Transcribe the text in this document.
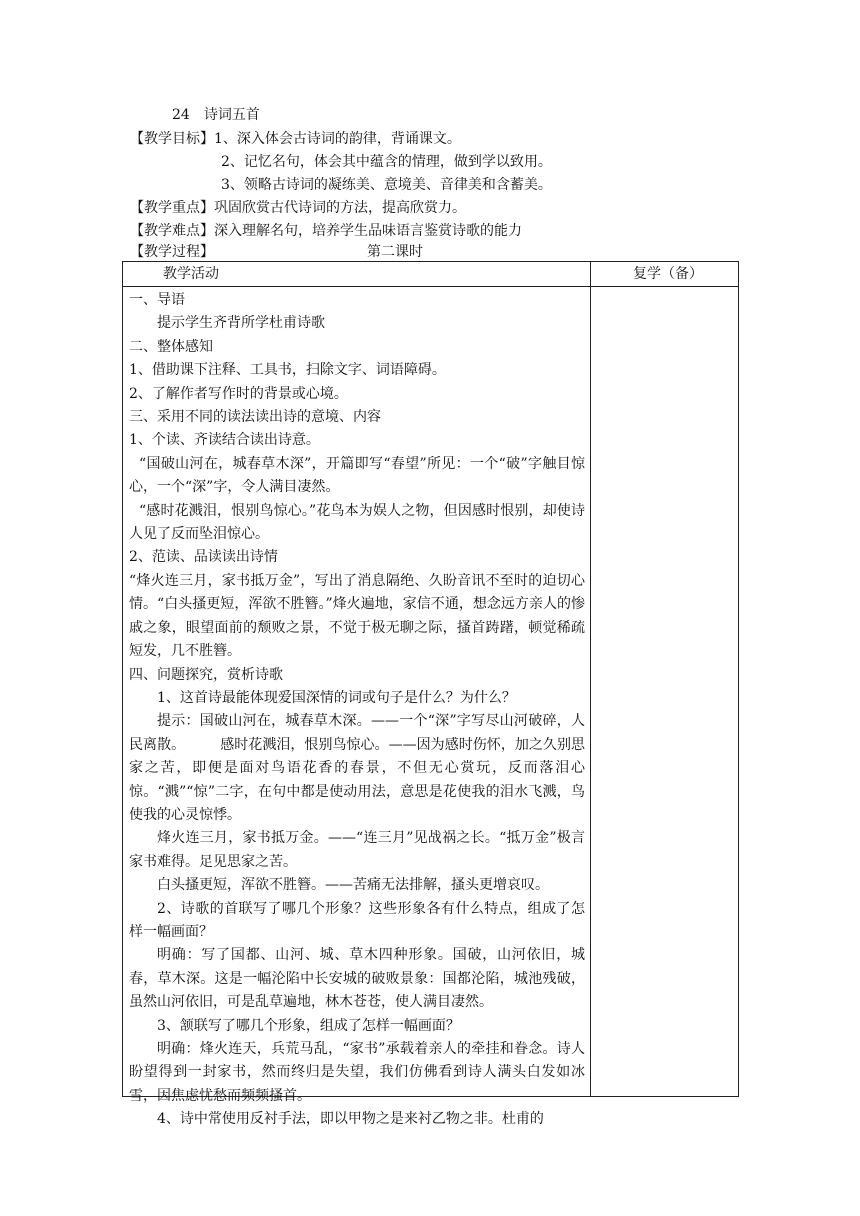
24　诗词五首
【教学目标】1、深入体会古诗词的韵律，背诵课文。
2、记忆名句，体会其中蕴含的情理，做到学以致用。
3、领略古诗词的凝练美、意境美、音律美和含蓄美。
【教学重点】巩固欣赏古代诗词的方法，提高欣赏力。
【教学难点】深入理解名句，培养学生品味语言鉴赏诗歌的能力
【教学过程】	第二课时
教学活动	复学（备）

一、导语

提示学生齐背所学杜甫诗歌

二、整体感知

1、借助课下注释、工具书，扫除文字、词语障碍。

2、了解作者写作时的背景或心境。

三、采用不同的读法读出诗的意境、内容

1、个读、齐读结合读出诗意。

“国破山河在，城春草木深”，开篇即写“春望”所见：一个“破”字触目惊心，一个“深”字，令人满目凄然。

“感时花溅泪，恨别鸟惊心。”花鸟本为娱人之物，但因感时恨别，却使诗人见了反而坠泪惊心。

2、范读、品读读出诗情

“烽火连三月，家书抵万金”，写出了消息隔绝、久盼音讯不至时的迫切心情。“白头搔更短，浑欲不胜簪。”烽火遍地，家信不通，想念远方亲人的惨戚之象，眼望面前的颓败之景，不觉于极无聊之际，搔首踌躇，顿觉稀疏短发，几不胜簪。

四、问题探究，赏析诗歌

1、这首诗最能体现爱国深情的词或句子是什么？为什么？

提示：国破山河在，城春草木深。——一个“深”字写尽山河破碎，人民离散。　　　感时花溅泪，恨别鸟惊心。——因为感时伤怀，加之久别思家之苦，即便是面对鸟语花香的春景，不但无心赏玩，反而落泪心惊。“溅”“惊”二字，在句中都是使动用法，意思是花使我的泪水飞溅，鸟使我的心灵惊悸。

烽火连三月，家书抵万金。——“连三月”见战祸之长。“抵万金”极言家书难得。足见思家之苦。

白头搔更短，浑欲不胜簪。——苦痛无法排解，搔头更增哀叹。

2、诗歌的首联写了哪几个形象？这些形象各有什么特点，组成了怎样一幅画面？

明确：写了国都、山河、城、草木四种形象。国破，山河依旧，城春，草木深。这是一幅沦陷中长安城的破败景象：国都沦陷，城池残破，虽然山河依旧，可是乱草遍地，林木苍苍，使人满目凄然。

3、颔联写了哪几个形象，组成了怎样一幅画面？

明确：烽火连天，兵荒马乱，“家书”承载着亲人的牵挂和眷念。诗人盼望得到一封家书，然而终归是失望，我们仿佛看到诗人满头白发如冰雪，因焦虑忧愁而频频搔首。

4、诗中常使用反衬手法，即以甲物之是来衬乙物之非。杜甫的
